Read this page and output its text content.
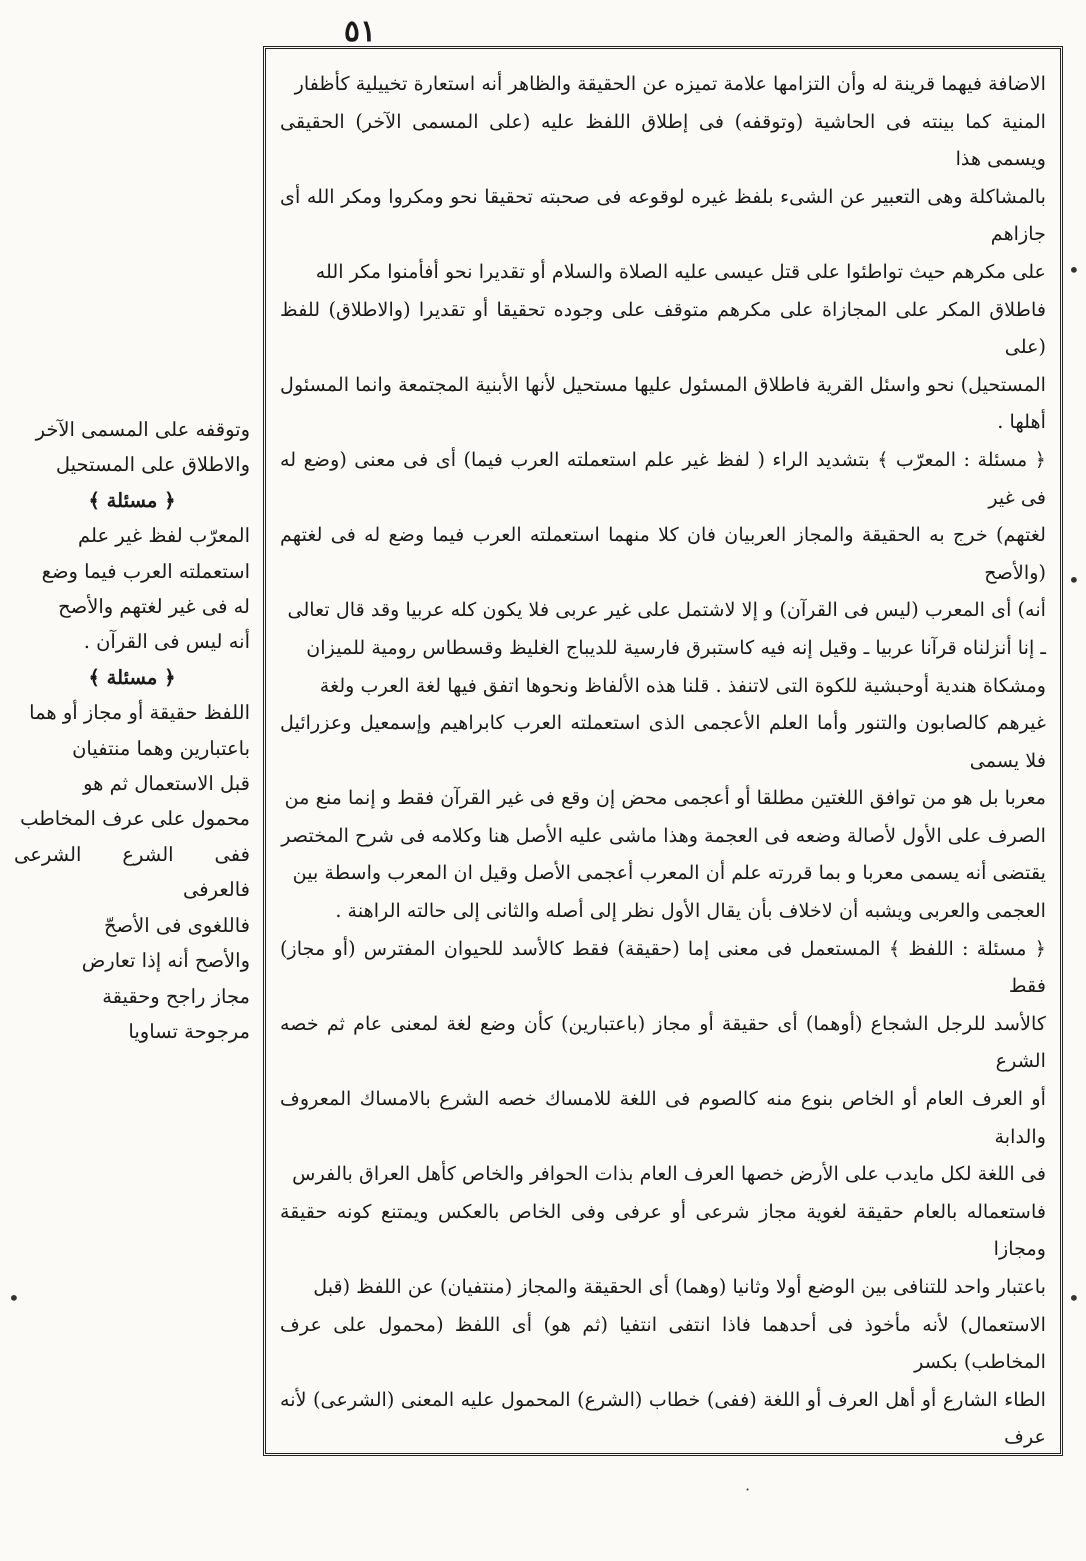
٥١

الاضافة فيهما قرينة له وأن التزامها علامة تميزه عن الحقيقة والظاهر أنه استعارة تخييلية كأظفار

المنية كما بينته فى الحاشية (وتوقفه) فى إطلاق اللفظ عليه (على المسمى الآخر) الحقيقى ويسمى هذا

بالمشاكلة وهى التعبير عن الشىء بلفظ غيره لوقوعه فى صحبته تحقيقا نحو ومكروا ومكر الله أى جازاهم

على مكرهم حيث تواطئوا على قتل عيسى عليه الصلاة والسلام أو تقديرا نحو أفأمنوا مكر الله

فاطلاق المكر على المجازاة على مكرهم متوقف على وجوده تحقيقا أو تقديرا (والاطلاق) للفظ (على

المستحيل) نحو واسئل القرية فاطلاق المسئول عليها مستحيل لأنها الأبنية المجتمعة وانما المسئول أهلها .

﴿ مسئلة : المعرّب ﴾ بتشديد الراء ( لفظ غير علم استعملته العرب فيما) أى فى معنى (وضع له فى غير

لغتهم) خرج به الحقيقة والمجاز العربيان فان كلا منهما استعملته العرب فيما وضع له فى لغتهم (والأصح

أنه) أى المعرب (ليس فى القرآن) و إلا لاشتمل على غير عربى فلا يكون كله عربيا وقد قال تعالى

ـ إنا أنزلناه قرآنا عربيا ـ وقيل إنه فيه كاستبرق فارسية للديباج الغليظ وقسطاس رومية للميزان

ومشكاة هندية أوحبشية للكوة التى لاتنفذ . قلنا هذه الألفاظ ونحوها اتفق فيها لغة العرب ولغة

غيرهم كالصابون والتنور وأما العلم الأعجمى الذى استعملته العرب كابراهيم وإسمعيل وعزرائيل فلا يسمى

معربا بل هو من توافق اللغتين مطلقا أو أعجمى محض إن وقع فى غير القرآن فقط و إنما منع من

الصرف على الأول لأصالة وضعه فى العجمة وهذا ماشى عليه الأصل هنا وكلامه فى شرح المختصر

يقتضى أنه يسمى معربا و بما قررته علم أن المعرب أعجمى الأصل وقيل ان المعرب واسطة بين

العجمى والعربى ويشبه أن لاخلاف بأن يقال الأول نظر إلى أصله والثانى إلى حالته الراهنة .

﴿ مسئلة : اللفظ ﴾ المستعمل فى معنى إما (حقيقة) فقط كالأسد للحيوان المفترس (أو مجاز) فقط

كالأسد للرجل الشجاع (أوهما) أى حقيقة أو مجاز (باعتبارين) كأن وضع لغة لمعنى عام ثم خصه الشرع

أو العرف العام أو الخاص بنوع منه كالصوم فى اللغة للامساك خصه الشرع بالامساك المعروف والدابة

فى اللغة لكل مايدب على الأرض خصها العرف العام بذات الحوافر والخاص كأهل العراق بالفرس

فاستعماله بالعام حقيقة لغوية مجاز شرعى أو عرفى وفى الخاص بالعكس ويمتنع كونه حقيقة ومجازا

باعتبار واحد للتنافى بين الوضع أولا وثانيا (وهما) أى الحقيقة والمجاز (منتفيان) عن اللفظ (قبل

الاستعمال) لأنه مأخوذ فى أحدهما فاذا انتفى انتفيا (ثم هو) أى اللفظ (محمول على عرف المخاطب) بكسر

الطاء الشارع أو أهل العرف أو اللغة (ففى) خطاب (الشرع) المحمول عليه المعنى (الشرعى) لأنه عرف

وتوقفه على المسمى الآخر

والاطلاق على المستحيل

﴿ مسئلة ﴾

المعرّب لفظ غير علم

استعملته العرب فيما وضع

له فى غير لغتهم والأصح

أنه ليس فى القرآن .

﴿ مسئلة ﴾

اللفظ حقيقة أو مجاز أو هما

باعتبارين وهما منتفيان

قبل الاستعمال ثم هو

محمول على عرف المخاطب

ففى الشرع الشرعى فالعرفى

فاللغوى فى الأصحّ

والأصح أنه إذا تعارض

مجاز راجح وحقيقة

مرجوحة تساويا

•
•
•
•
·
